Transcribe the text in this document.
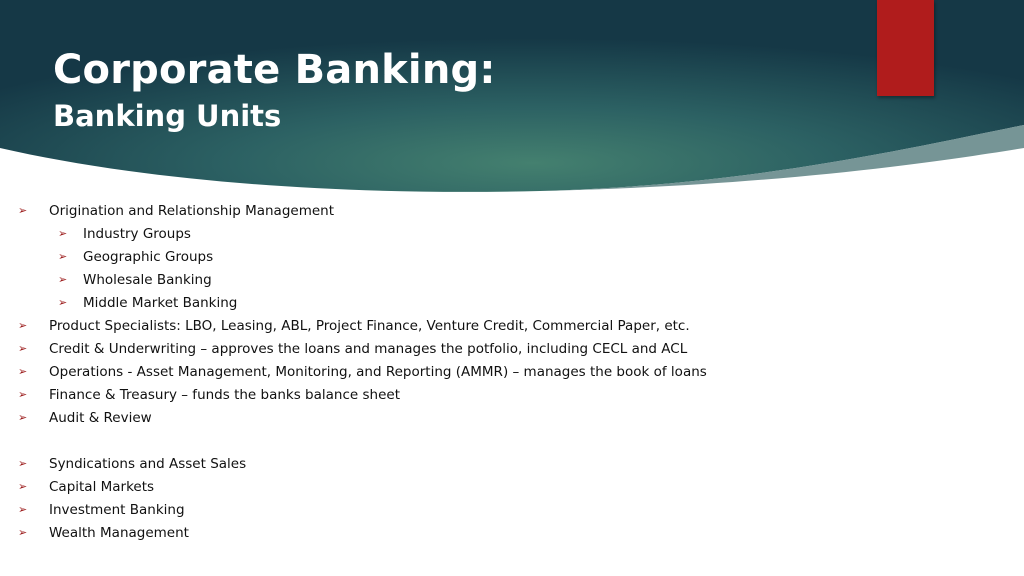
Corporate Banking:
Banking Units
➢ Origination and Relationship Management
➢ Industry Groups
➢ Geographic Groups
➢ Wholesale Banking
➢ Middle Market Banking
➢ Product Specialists: LBO, Leasing, ABL, Project Finance, Venture Credit, Commercial Paper, etc.
➢ Credit & Underwriting – approves the loans and manages the potfolio, including CECL and ACL
➢ Operations - Asset Management, Monitoring, and Reporting (AMMR) – manages the book of loans
➢ Finance & Treasury – funds the banks balance sheet
➢ Audit & Review
➢ Syndications and Asset Sales
➢ Capital Markets
➢ Investment Banking
➢ Wealth Management
